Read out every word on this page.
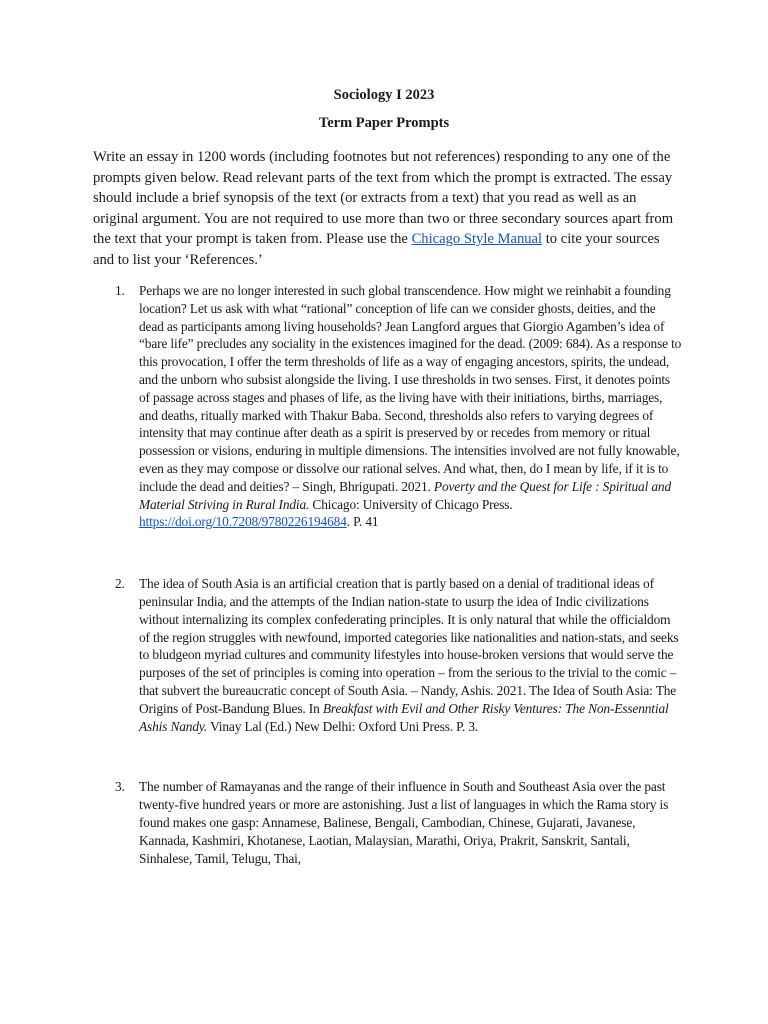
Sociology I 2023
Term Paper Prompts
Write an essay in 1200 words (including footnotes but not references) responding to any one of the prompts given below. Read relevant parts of the text from which the prompt is extracted. The essay should include a brief synopsis of the text (or extracts from a text) that you read as well as an original argument. You are not required to use more than two or three secondary sources apart from the text that your prompt is taken from. Please use the Chicago Style Manual to cite your sources and to list your ‘References.’
1. Perhaps we are no longer interested in such global transcendence. How might we reinhabit a founding location? Let us ask with what “rational” conception of life can we consider ghosts, deities, and the dead as participants among living households? Jean Langford argues that Giorgio Agamben’s idea of “bare life” precludes any sociality in the existences imagined for the dead. (2009: 684). As a response to this provocation, I offer the term thresholds of life as a way of engaging ancestors, spirits, the undead, and the unborn who subsist alongside the living. I use thresholds in two senses. First, it denotes points of passage across stages and phases of life, as the living have with their initiations, births, marriages, and deaths, ritually marked with Thakur Baba. Second, thresholds also refers to varying degrees of intensity that may continue after death as a spirit is preserved by or recedes from memory or ritual possession or visions, enduring in multiple dimensions. The intensities involved are not fully knowable, even as they may compose or dissolve our rational selves. And what, then, do I mean by life, if it is to include the dead and deities? – Singh, Bhrigupati. 2021. Poverty and the Quest for Life : Spiritual and Material Striving in Rural India. Chicago: University of Chicago Press. https://doi.org/10.7208/9780226194684. P. 41
2. The idea of South Asia is an artificial creation that is partly based on a denial of traditional ideas of peninsular India, and the attempts of the Indian nation-state to usurp the idea of Indic civilizations without internalizing its complex confederating principles. It is only natural that while the officialdom of the region struggles with newfound, imported categories like nationalities and nation-stats, and seeks to bludgeon myriad cultures and community lifestyles into house-broken versions that would serve the purposes of the set of principles is coming into operation – from the serious to the trivial to the comic – that subvert the bureaucratic concept of South Asia. – Nandy, Ashis. 2021. The Idea of South Asia: The Origins of Post-Bandung Blues. In Breakfast with Evil and Other Risky Ventures: The Non-Essenntial Ashis Nandy. Vinay Lal (Ed.) New Delhi: Oxford Uni Press. P. 3.
3. The number of Ramayanas and the range of their influence in South and Southeast Asia over the past twenty-five hundred years or more are astonishing. Just a list of languages in which the Rama story is found makes one gasp: Annamese, Balinese, Bengali, Cambodian, Chinese, Gujarati, Javanese, Kannada, Kashmiri, Khotanese, Laotian, Malaysian, Marathi, Oriya, Prakrit, Sanskrit, Santali, Sinhalese, Tamil, Telugu, Thai,
